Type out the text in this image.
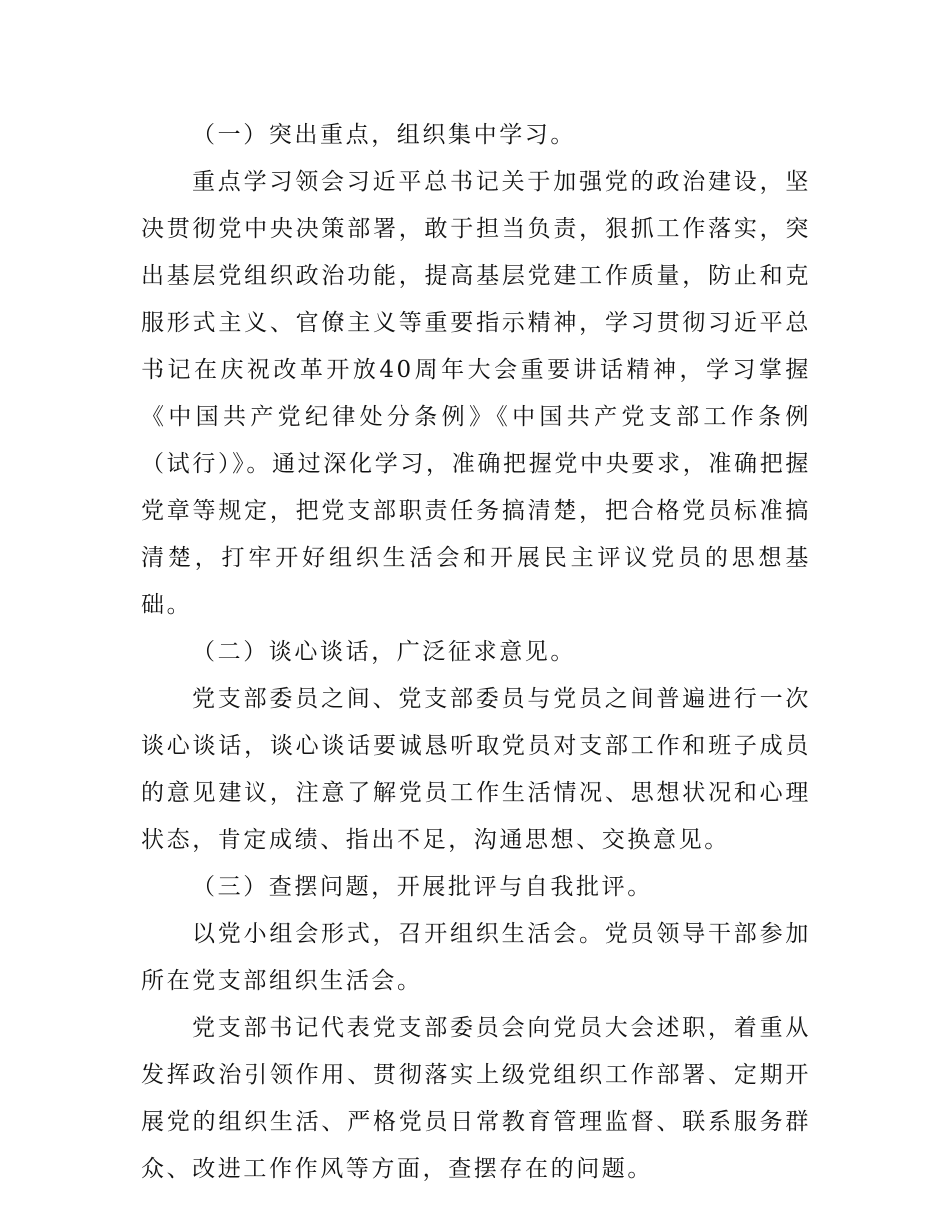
（一）突出重点，组织集中学习。

重点学习领会习近平总书记关于加强党的政治建设，坚决贯彻党中央决策部署，敢于担当负责，狠抓工作落实，突出基层党组织政治功能，提高基层党建工作质量，防止和克服形式主义、官僚主义等重要指示精神，学习贯彻习近平总书记在庆祝改革开放40周年大会重要讲话精神，学习掌握《中国共产党纪律处分条例》《中国共产党支部工作条例（试行）》。通过深化学习，准确把握党中央要求，准确把握党章等规定，把党支部职责任务搞清楚，把合格党员标准搞清楚，打牢开好组织生活会和开展民主评议党员的思想基础。

（二）谈心谈话，广泛征求意见。

党支部委员之间、党支部委员与党员之间普遍进行一次谈心谈话，谈心谈话要诚恳听取党员对支部工作和班子成员的意见建议，注意了解党员工作生活情况、思想状况和心理状态，肯定成绩、指出不足，沟通思想、交换意见。

（三）查摆问题，开展批评与自我批评。

以党小组会形式，召开组织生活会。党员领导干部参加所在党支部组织生活会。

党支部书记代表党支部委员会向党员大会述职，着重从发挥政治引领作用、贯彻落实上级党组织工作部署、定期开展党的组织生活、严格党员日常教育管理监督、联系服务群众、改进工作作风等方面，查摆存在的问题。
